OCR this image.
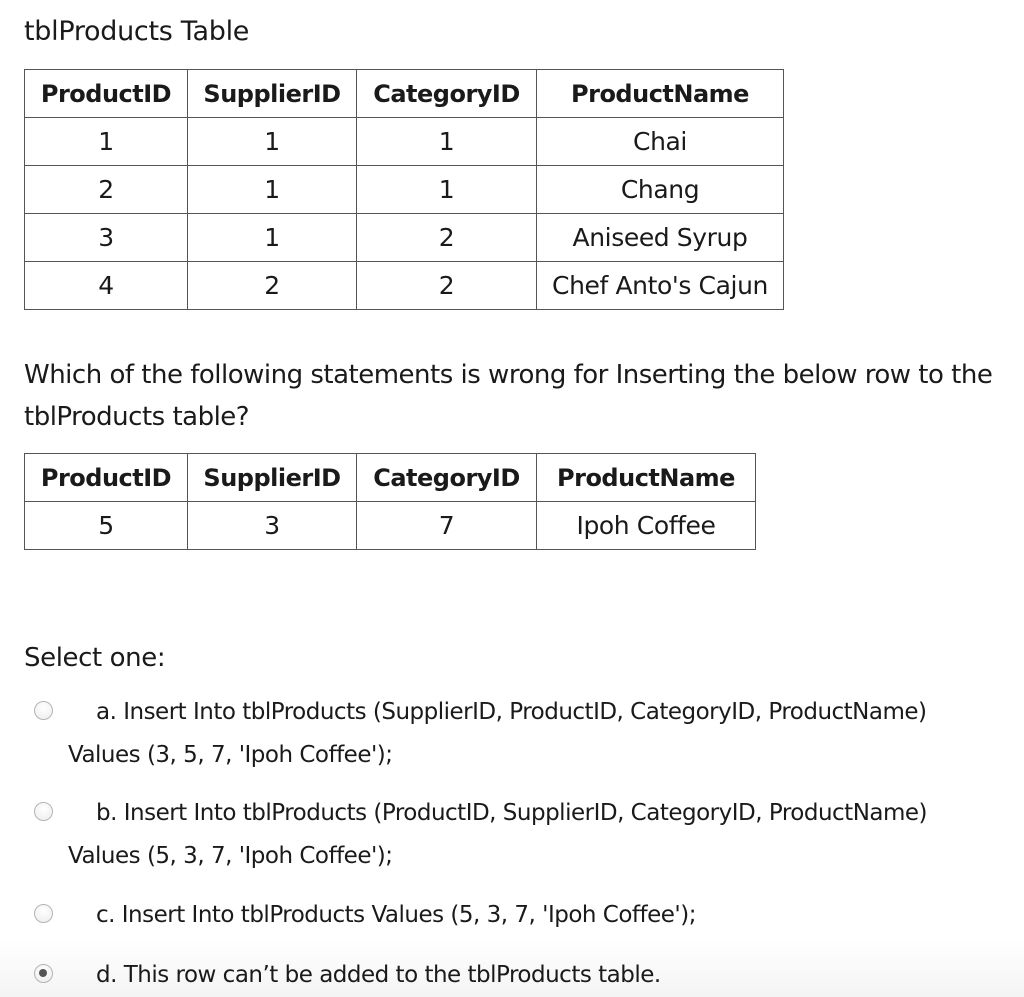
tblProducts Table
ProductID	SupplierID	CategoryID	ProductName
1	1	1	Chai
2	1	1	Chang
3	1	2	Aniseed Syrup
4	2	2	Chef Anto's Cajun
Which of the following statements is wrong for Inserting the below row to the tblProducts table?
ProductID	SupplierID	CategoryID	ProductName
5	3	7	Ipoh Coffee
Select one:
a. Insert Into tblProducts (SupplierID, ProductID, CategoryID, ProductName)
Values (3, 5, 7, 'Ipoh Coffee');
b. Insert Into tblProducts (ProductID, SupplierID, CategoryID, ProductName)
Values (5, 3, 7, 'Ipoh Coffee');
c. Insert Into tblProducts Values (5, 3, 7, 'Ipoh Coffee');
d. This row can’t be added to the tblProducts table.
